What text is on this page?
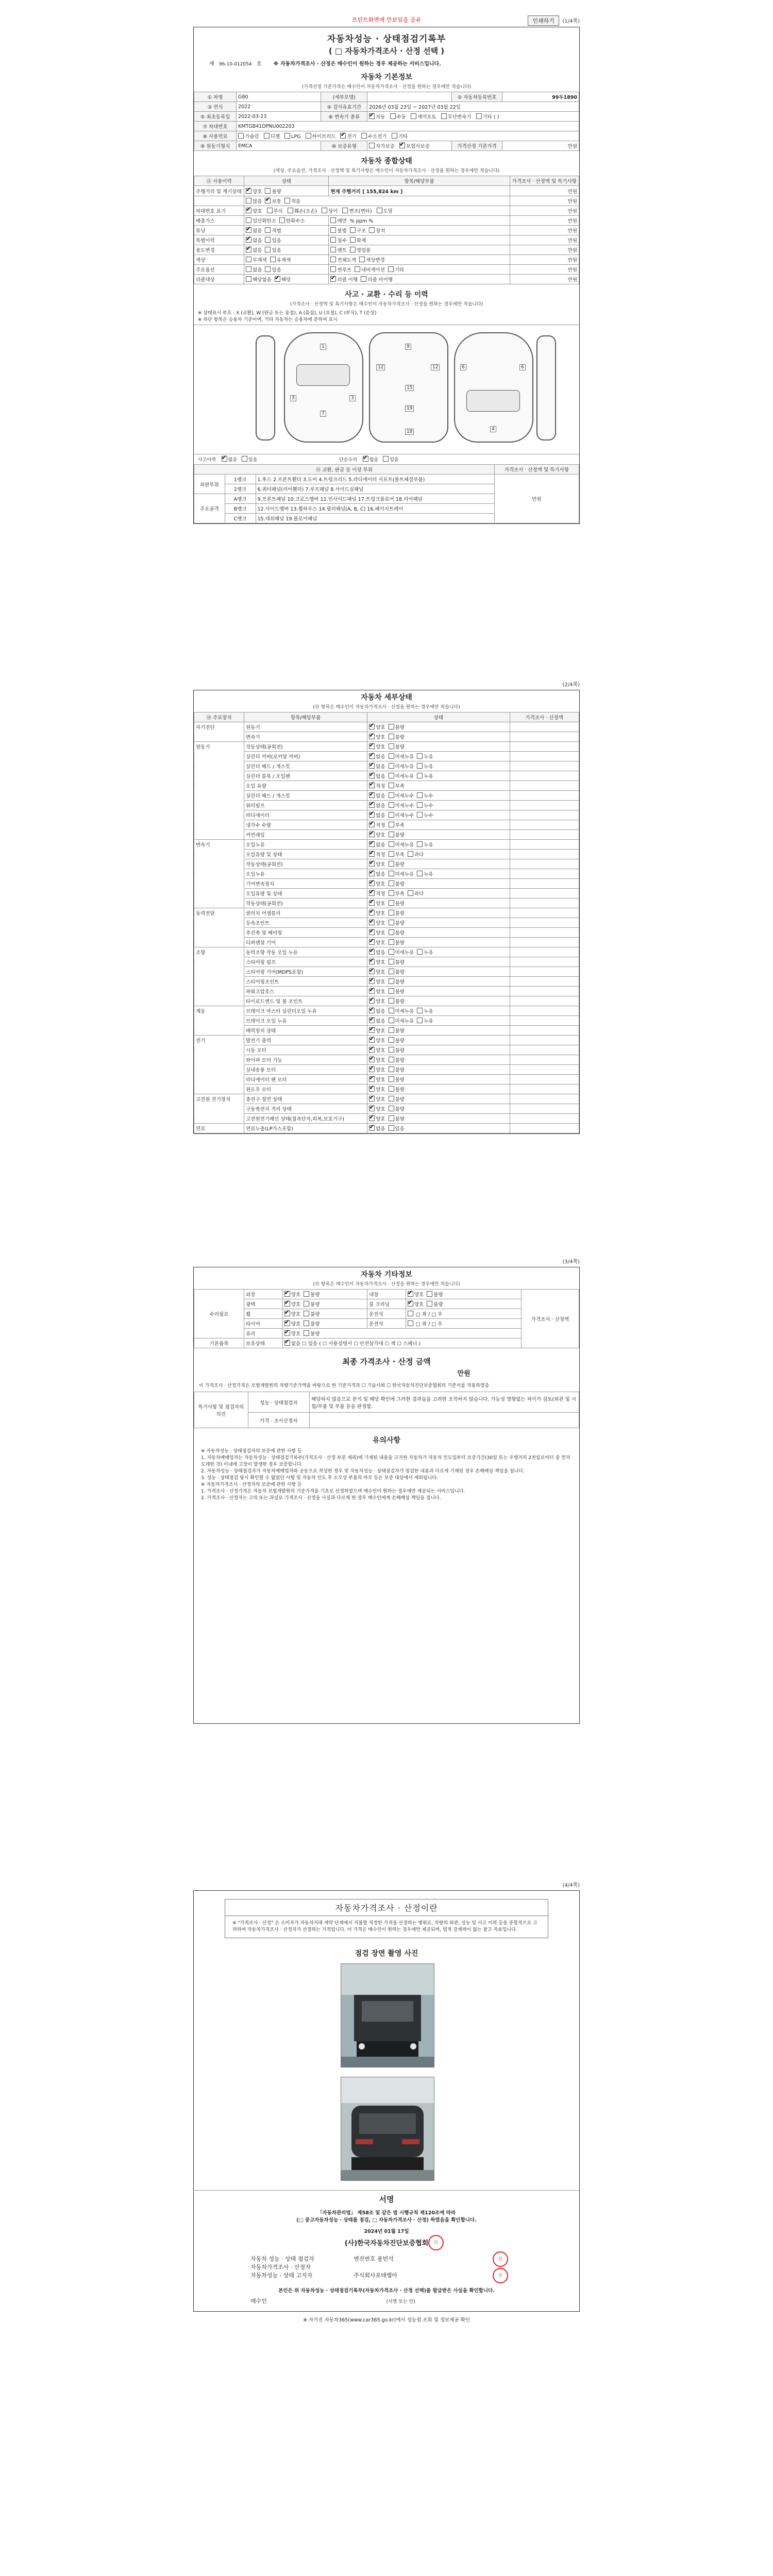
프린트화면에 안보임을 공유	인쇄하기	(1/4쪽)
자동차성능 · 상태점검기록부
( □ 자동차가격조사 · 산정 선택 )
제 96-10-012054 호 ※ 자동차가격조사 · 산정은 매수인이 원하는 경우 제공하는 서비스입니다.
자동차 기본정보
(가격산정 기준가격은 매수인이 자동차가격조사 · 산정을 원하는 경우에만 적습니다)
① 차명	G80	(세부모델)		② 자동차등록번호	99두1890
③ 연식	2022	④ 검사유효기간	2026년 03월 23일 ~ 2027년 03월 22일		
⑤ 최초등록일	2022-03-23	⑥ 변속기 종류	✔자동 수동 세미오토 무단변속기 기타 ( )
⑦ 차대번호	KMTGB41DPNU002203				
⑧ 사용연료	가솔린 디젤 LPG 하이브리드 ✔ 전기 수소전기 기타
⑨ 원동기형식	EMCA	⑩ 보증유형	자가보증 ✔ 보험사보증	가격산정 기준가격	만원
자동차 종합상태
(색상, 주요옵션, 가격조사 · 산정액 및 특기사항은 매수인이 자동차가격조사 · 산정을 원하는 경우에만 적습니다)
⑪ 사용이력	상태	항목/해당부품	가격조사 · 산정액 및 특기사항
주행거리 및 계기상태	✔양호 불량	현재 주행거리 [ 155,824 km ]	만원
	많음 ✔ 보통 적음		만원
차대번호 표기	✔양호 부식 훼손(오손) 상이 변조(변타) 도말		만원
배출가스	일산화탄소 탄화수소	매연 % ppm %	만원
튜닝	✔없음 적법	불법 구조 장치	만원
특별이력	✔없음 있음	침수 화재	만원
용도변경	✔없음 있음	렌트 영업용	만원
색상	무채색 유채색	전체도색 색상변경	만원
주요옵션	없음 있음	썬루프 네비게이션 기타	만원
리콜대상	해당없음 ✔ 해당	✔리콜 이행 리콜 미이행	만원
사고 · 교환 · 수리 등 이력
(가격조사 · 산정액 및 특기사항은 매수인이 자동차가격조사 · 산정을 원하는 경우에만 적습니다)
※ 상태표시 부호 : X (교환), W (판금 또는 용접), A (흠집), U (요철), C (부식), T (손상)
※ 하단 항목은 승용차 기준이며, 기타 자동차는 승용차에 준하여 표시
1
3	3
7
9
12	12
15
19
18	4
6	6
사고이력 ✔	없음 있음	단순수리 ✔	없음 있음
⑬ 교환, 판금 등 이상 부위			가격조사 · 산정액 및 특기사항
외판부위	1랭크	1.후드 2.프론트휀더 3.도어 4.트렁크리드 5.라디에이터 서포트(볼트체결부품)	만원
	2랭크	6.쿼터패널(리어휀더) 7.루프패널 8.사이드실패널	
주요골격	A랭크	9.프론트패널 10.크로스멤버 11.인사이드패널 17.트렁크플로어 18.리어패널	
	B랭크	12.사이드멤버 13.휠하우스 14.필러패널(A, B, C) 16.패키지트레이	
	C랭크	15.대쉬패널 19.플로어패널	
(2/4쪽)
자동차 세부상태
(⑭ 항목은 매수인이 자동차가격조사 · 산정을 원하는 경우에만 적습니다)
⑭ 주요장치	항목/해당부품	상태	가격조사 · 산정액
자기진단	원동기	✔양호 불량	
	변속기	✔양호 불량	
원동기	작동상태(공회전)	✔양호 불량	
	실린더 커버(로커암 커버)	✔없음 미세누유 누유	
	실린더 헤드 / 개스킷	✔없음 미세누유 누유	
	실린더 블록 / 오일팬	✔없음 미세누유 누유	
	오일 유량	✔적정 부족	
	실린더 헤드 / 개스킷	✔없음 미세누수 누수	
	워터펌프	✔없음 미세누수 누수	
	라디에이터	✔없음 미세누수 누수	
	냉각수 수량	✔적정 부족	
	커먼레일	✔양호 불량	
변속기	오일누유	✔없음 미세누유 누유	
	오일유량 및 상태	✔적정 부족 과다	
	작동상태(공회전)	✔양호 불량	
	오일누유	✔없음 미세누유 누유	
	기어변속장치	✔양호 불량	
	오일유량 및 상태	✔적정 부족 과다	
	작동상태(공회전)	✔양호 불량	
동력전달	클러치 어셈블리	✔양호 불량	
	등속조인트	✔양호 불량	
	추진축 및 베어링	✔양호 불량	
	디퍼렌셜 기어	✔양호 불량	
조향	동력조향 작동 오일 누유	✔없음 미세누유 누유	
	스티어링 펌프	✔양호 불량	
	스티어링 기어(MDPS포함)	✔양호 불량	
	스티어링조인트	✔양호 불량	
	파워고압호스	✔양호 불량	
	타이로드엔드 및 볼 조인트	✔양호 불량	
제동	브레이크 마스터 실린더오일 누유	✔없음 미세누유 누유	
	브레이크 오일 누유	✔없음 미세누유 누유	
	배력장치 상태	✔양호 불량	
전기	발전기 출력	✔양호 불량	
	시동 모터	✔양호 불량	
	와이퍼 모터 기능	✔양호 불량	
	실내송풍 모터	✔양호 불량	
	라디에이터 팬 모터	✔양호 불량	
	윈도우 모터	✔양호 불량	
고전원 전기장치	충전구 절연 상태	✔양호 불량	
	구동축전지 격리 상태	✔양호 불량	
	고전원전기배선 상태(접속단자,피복,보호기구)	✔양호 불량	
연료	연료누출(LP가스포함)	✔없음 있음	
(3/4쪽)
자동차 기타정보
(⑮ 항목은 매수인이 자동차가격조사 · 산정을 원하는 경우에만 적습니다)
수리필요	외장	✔양호 불량	내장	✔양호 불량	가격조사 · 산정액
	광택	✔양호 불량	룸 크리닝	✔양호 불량
	휠	✔양호 불량	운전석	□ 좌 / □ 우	
	타이어	✔양호 불량	운전석	□ 좌 / □ 우	
	유리	✔양호 불량
기본품목	보유상태	✔없음 ☐ 있음 ( ☐ 사용설명서 ☐ 안전삼각대 ☐ 잭 ☐ 스패너 )
최종 가격조사 · 산정 금액
만원
이 가격조사 · 산정가격은 보험개발원의 차량기준가액을 바탕으로 한 기준가격과 ☐ 기술사회 ☐ 한국자동차진단보증협회의 기준서를 적용하였음
특기사항 및 점검자의 의견	성능 · 상태점검자	해당하지 않음으로 분석 및 해당 확인에 그러한 결과들을 고려한 조작하지 않습니다. 가능성 영향없는 차이가 검토(외관 및 시험/부품 및 부품 등을 판정함.
	가격 · 조사산정자	
유의사항
※ 자동차성능 · 상태점검자의 보증에 관한 사항 등
1. 자동차매매업자는 자동차성능 · 상태점검기록부(가격조사 · 산정 부분 제외)에 기재된 내용을 고지한 자동차가 자동차 인도일부터 보증기간(30일 또는 주행거리 2천킬로미터 중 먼저 도래한 것) 이내에 고장이 발생한 경우 보증합니다.
2. 자동차성능 · 상태점검자가 자동차매매업자와 공동으로 작성한 경우 및 자동차성능 · 상태점검자가 점검한 내용과 다르게 기재된 경우 손해배상 책임을 집니다.
3. 성능 · 상태점검 당시 확인할 수 없었던 사항 및 자동차 인도 후 소모성 부품의 마모 등은 보증 대상에서 제외됩니다.
※ 자동차가격조사 · 산정자의 보증에 관한 사항 등
1. 가격조사 · 산정가격은 자동차 보험개발원의 기준가격을 기초로 산정하였으며 매수인이 원하는 경우에만 제공되는 서비스입니다.
2. 가격조사 · 산정자는 고의 또는 과실로 가격조사 · 산정을 사실과 다르게 한 경우 매수인에게 손해배상 책임을 집니다.
(4/4쪽)
자동차가격조사 · 산정이란
※ "가격조사 · 산정" 은 소비자가 자동차거래 계약 단계에서 지불할 적정한 가격을 산정하는 행위로, 차량의 외관, 성능 및 사고 이력 등을 종합적으로 고려하여 자동차가격조사 · 산정자가 산정하는 가격입니다. 이 가격은 매수인이 원하는 경우에만 제공되며, 법적 강제력이 없는 참고 자료입니다.
점검 장면 촬영 사진
서명
「자동차관리법」 제58조 및 같은 법 시행규칙 제120조에 따라
(□ 중고자동차성능 · 상태를 점검, □ 자동차가격조사 · 산정) 하였음을 확인합니다.
2024년 01월 17일
(사)한국자동차진단보증협회	인
자동차 성능 · 상태 점검자	엔진번호 용빈석
자동차가격조사 · 산정자
자동차성능 · 상태 고지자	주식회사포테엠아
인
인
본인은 위 자동차성능 · 상태점검기록부(자동차가격조사 · 산정 선택)를 발급받은 사실을 확인합니다.
매수인	(서명 또는 인)
※ 자가진 자동차365(www.car365.go.kr)에서 성능점 조회 및 정보제공 확인
